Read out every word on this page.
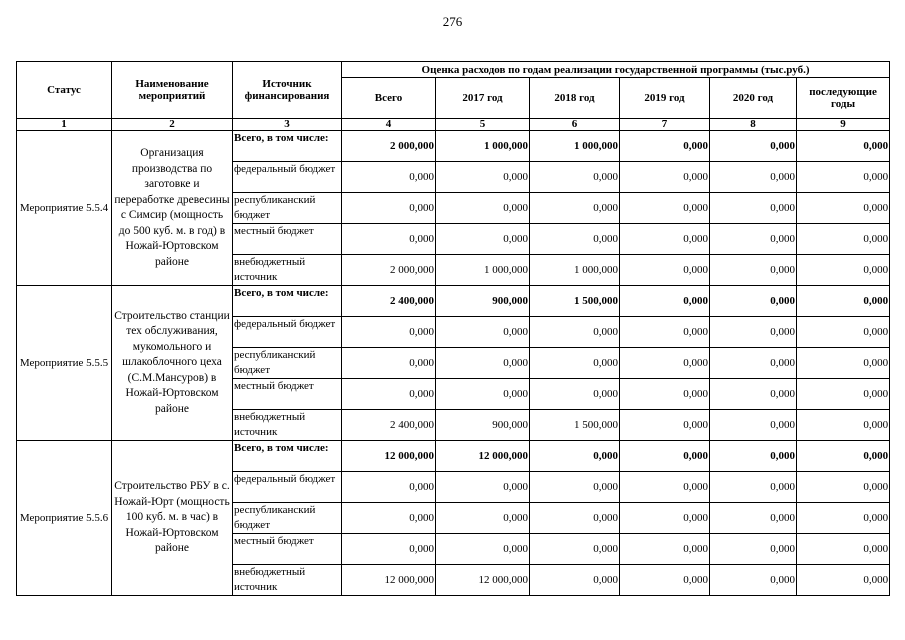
276
Статус	Наименование мероприятий	Источник финансирования	Оценка расходов по годам реализации государственной программы (тыс.руб.)					
			Всего	2017 год	2018 год	2019 год	2020 год	последующие годы
1	2	3	4	5	6	7	8	9
Мероприятие 5.5.4	Организация производства по заготовке и переработке древесины с Симсир (мощность до 500 куб. м. в год) в Ножай-Юртовском районе	Всего, в том числе:	2 000,000	1 000,000	1 000,000	0,000	0,000	0,000
		федеральный бюджет	0,000	0,000	0,000	0,000	0,000	0,000
		республиканский бюджет	0,000	0,000	0,000	0,000	0,000	0,000
		местный бюджет	0,000	0,000	0,000	0,000	0,000	0,000
		внебюджетный источник	2 000,000	1 000,000	1 000,000	0,000	0,000	0,000
Мероприятие 5.5.5	Строительство станции тех обслуживания, мукомольного и шлакоблочного цеха (С.М.Мансуров) в Ножай-Юртовском районе	Всего, в том числе:	2 400,000	900,000	1 500,000	0,000	0,000	0,000
		федеральный бюджет	0,000	0,000	0,000	0,000	0,000	0,000
		республиканский бюджет	0,000	0,000	0,000	0,000	0,000	0,000
		местный бюджет	0,000	0,000	0,000	0,000	0,000	0,000
		внебюджетный источник	2 400,000	900,000	1 500,000	0,000	0,000	0,000
Мероприятие 5.5.6	Строительство РБУ в с. Ножай-Юрт (мощность 100 куб. м. в час) в Ножай-Юртовском районе	Всего, в том числе:	12 000,000	12 000,000	0,000	0,000	0,000	0,000
		федеральный бюджет	0,000	0,000	0,000	0,000	0,000	0,000
		республиканский бюджет	0,000	0,000	0,000	0,000	0,000	0,000
		местный бюджет	0,000	0,000	0,000	0,000	0,000	0,000
		внебюджетный источник	12 000,000	12 000,000	0,000	0,000	0,000	0,000
